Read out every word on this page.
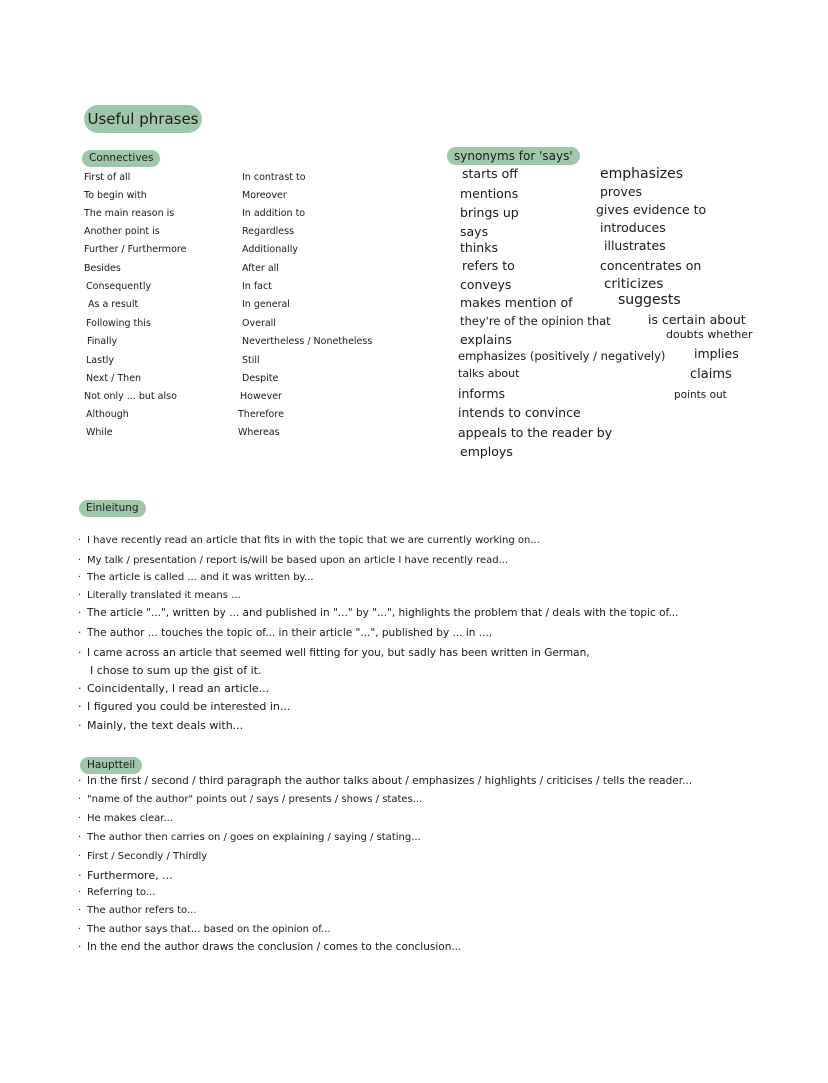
Useful phrases
Connectives
First of all
To begin with
The main reason is
Another point is
Further / Furthermore
Besides
Consequently
As a result
Following this
Finally
Lastly
Next / Then
Not only ... but also
Although
While
In contrast to
Moreover
In addition to
Regardless
Additionally
After all
In fact
In general
Overall
Nevertheless / Nonetheless
Still
Despite
However
Therefore
Whereas
synonyms for 'says'
starts off
mentions
brings up
says
thinks
refers to
conveys
makes mention of
they're of the opinion that
explains
emphasizes (positively / negatively)
talks about
informs
intends to convince
appeals to the reader by
employs
emphasizes
proves
gives evidence to
introduces
illustrates
concentrates on
criticizes
suggests
is certain about
doubts whether
implies
claims
points out
Einleitung
· I have recently read an article that fits in with the topic that we are currently working on...
· My talk / presentation / report is/will be based upon an article I have recently read...
· The article is called ... and it was written by...
· Literally translated it means ...
· The article "...", written by ... and published in "..." by "...", highlights the problem that / deals with the topic of...
· The author ... touches the topic of... in their article "...", published by ... in ...,
· I came across an article that seemed well fitting for you, but sadly has been written in German,
· Coincidentally, I read an article...
· I figured you could be interested in...
· Mainly, the text deals with...
I chose to sum up the gist of it.
Hauptteil
· In the first / second / third paragraph the author talks about / emphasizes / highlights / criticises / tells the reader...
· "name of the author" points out / says / presents / shows / states...
· He makes clear...
· The author then carries on / goes on explaining / saying / stating...
· First / Secondly / Thirdly
· Furthermore, ...
· Referring to...
· The author refers to...
· The author says that... based on the opinion of...
· In the end the author draws the conclusion / comes to the conclusion...
